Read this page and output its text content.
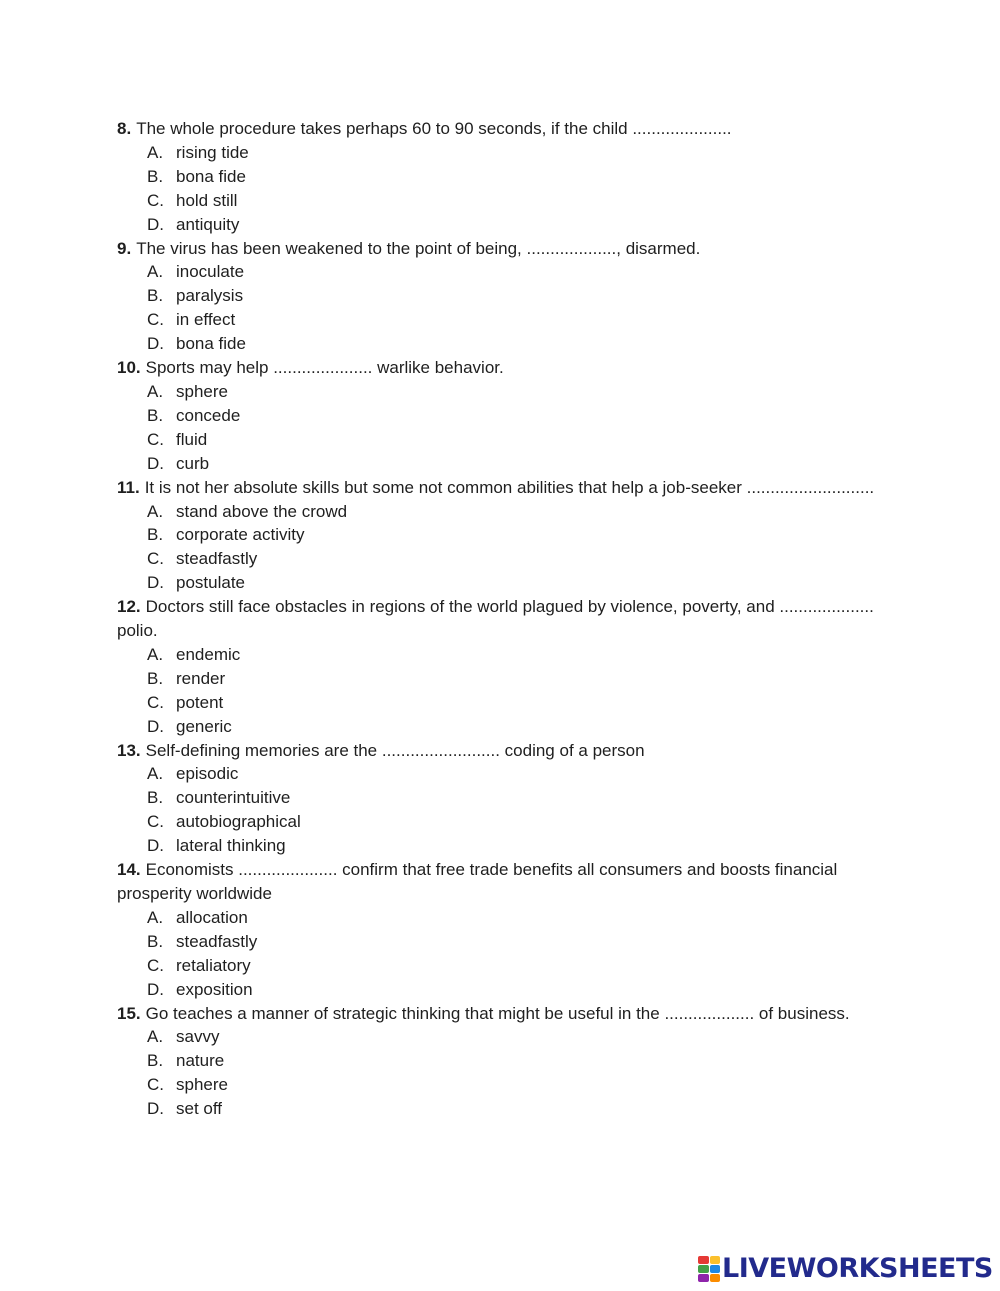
8. The whole procedure takes perhaps 60 to 90 seconds, if the child .....................

A. rising tide
B. bona fide
C. hold still
D. antiquity

9. The virus has been weakened to the point of being, ..................., disarmed.

A. inoculate
B. paralysis
C. in effect
D. bona fide

10. Sports may help ..................... warlike behavior.

A. sphere
B. concede
C. fluid
D. curb

11. It is not her absolute skills but some not common abilities that help a job-seeker ...........................

A. stand above the crowd
B. corporate activity
C. steadfastly
D. postulate

12. Doctors still face obstacles in regions of the world plagued by violence, poverty, and .................... polio.

A. endemic
B. render
C. potent
D. generic

13. Self-defining memories are the ......................... coding of a person

A. episodic
B. counterintuitive
C. autobiographical
D. lateral thinking

14. Economists ..................... confirm that free trade benefits all consumers and boosts financial prosperity worldwide

A. allocation
B. steadfastly
C. retaliatory
D. exposition

15. Go teaches a manner of strategic thinking that might be useful in the ................... of business.

A. savvy
B. nature
C. sphere
D. set off
LIVEWORKSHEETS
